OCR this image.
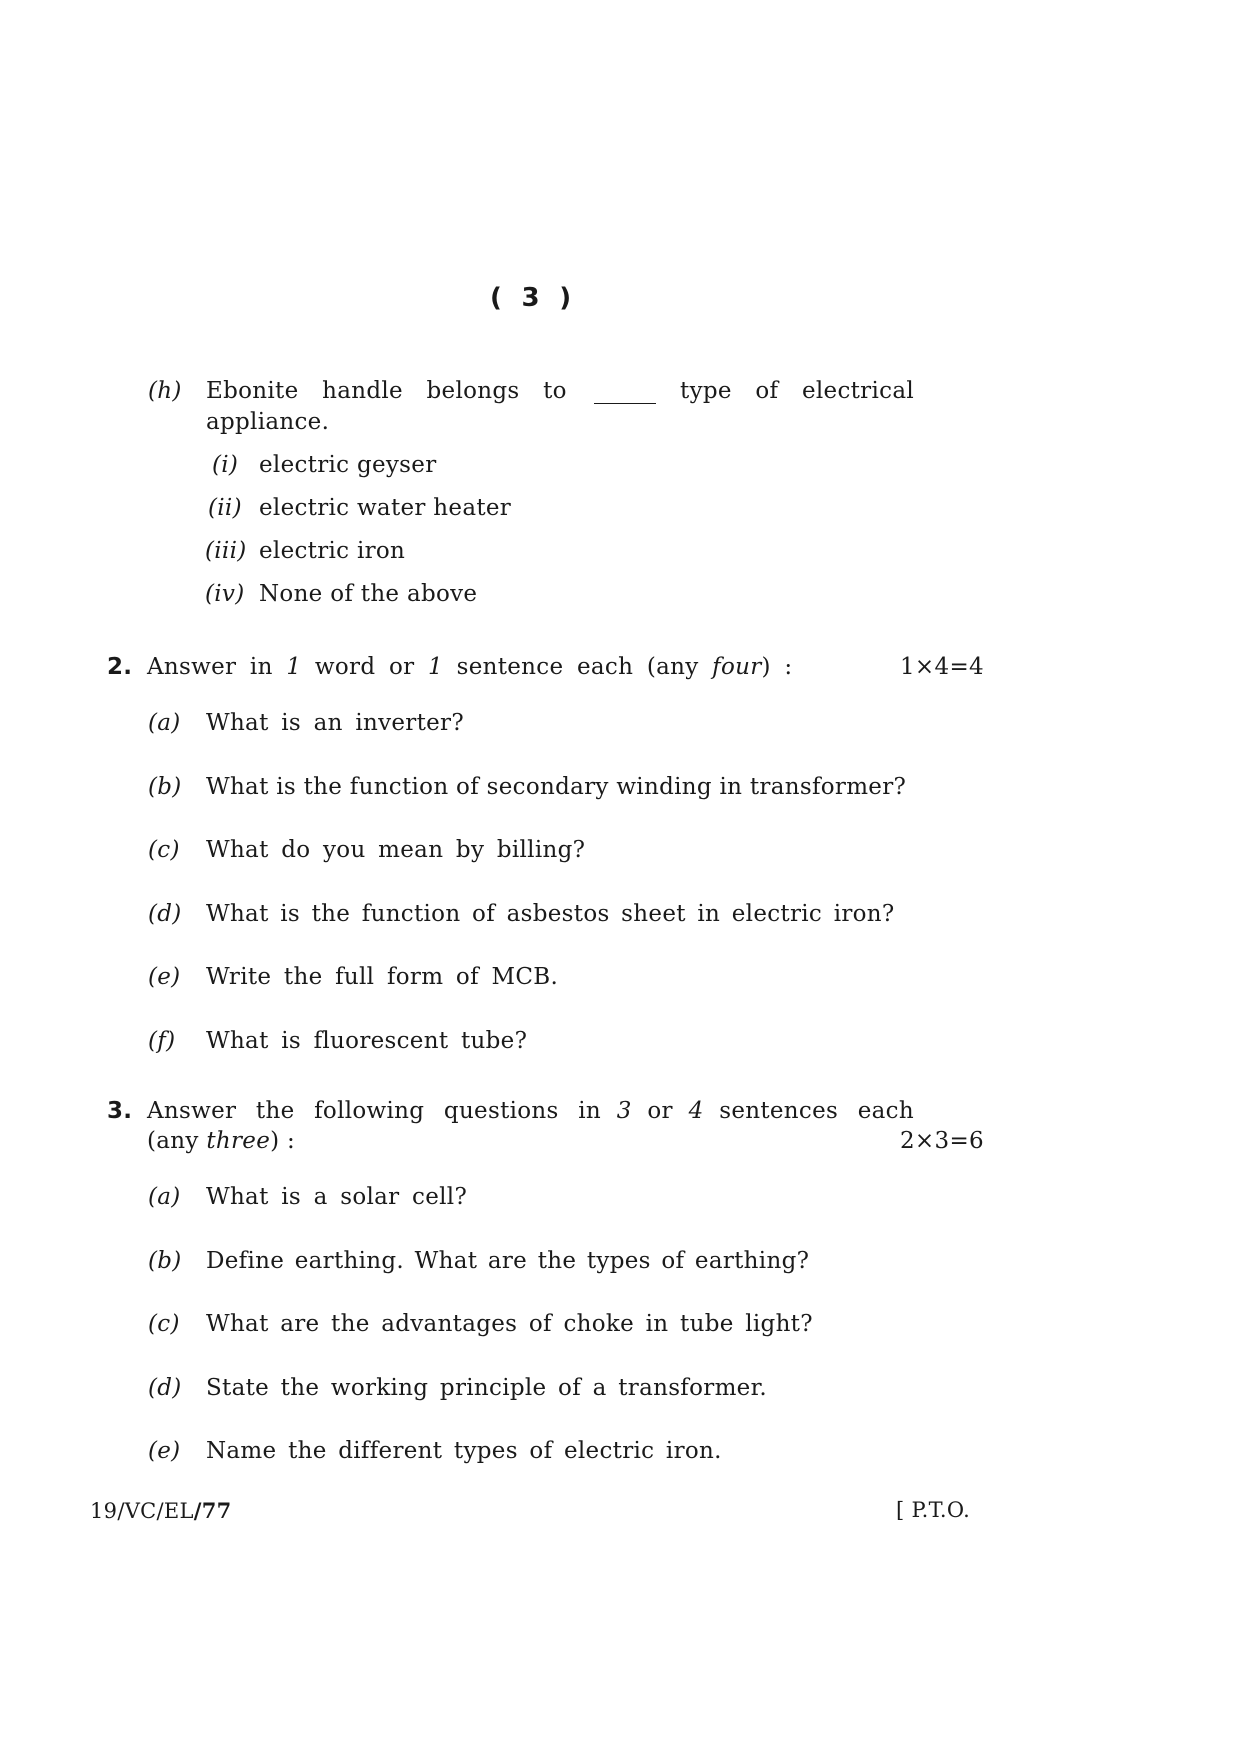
( 3 )
(h) Ebonite handle belongs to	type of electrical
appliance.
(i) electric geyser
(ii) electric water heater
(iii) electric iron
(iv) None of the above
2. Answer in 1 word or 1 sentence each (any four) :	1×4=4
(a) What is an inverter?
(b) What is the function of secondary winding in transformer?
(c) What do you mean by billing?
(d) What is the function of asbestos sheet in electric iron?
(e) Write the full form of MCB.
(f) What is fluorescent tube?
3. Answer the following questions in 3 or 4 sentences each
(any three) :	2×3=6
(a) What is a solar cell?
(b) Define earthing. What are the types of earthing?
(c) What are the advantages of choke in tube light?
(d) State the working principle of a transformer.
(e) Name the different types of electric iron.
19/VC/EL/77	[ P.T.O.
